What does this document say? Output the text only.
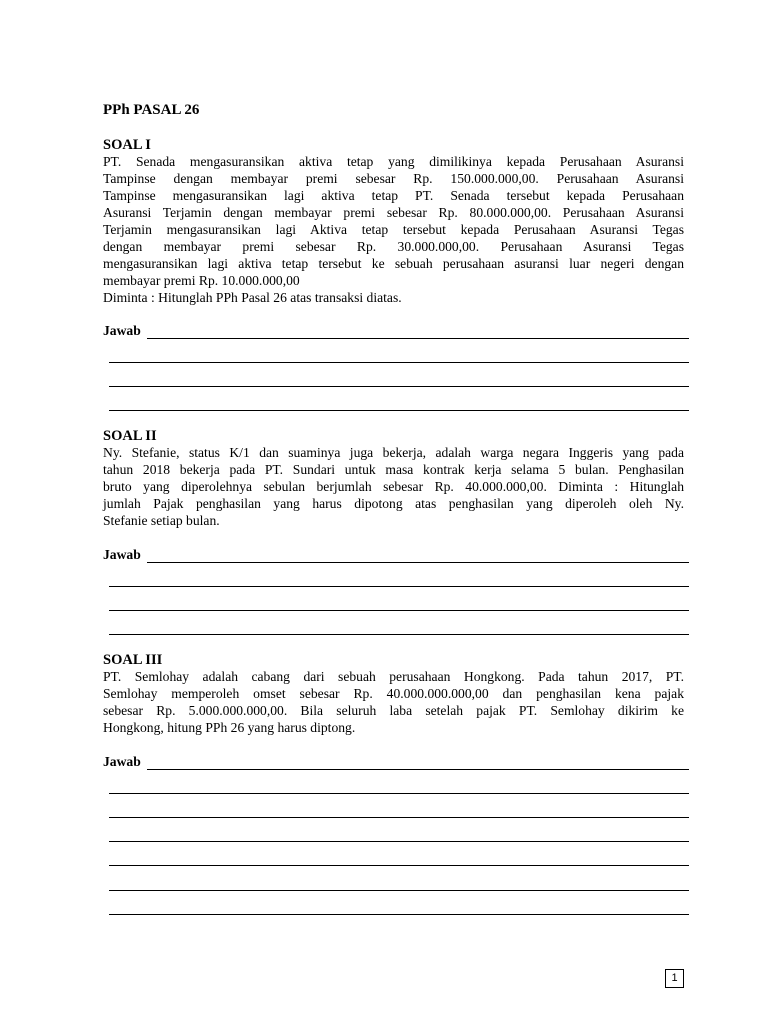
PPh PASAL 26
SOAL I
PT. Senada mengasuransikan aktiva tetap yang dimilikinya kepada Perusahaan Asuransi
Tampinse dengan membayar premi sebesar Rp. 150.000.000,00. Perusahaan Asuransi
Tampinse mengasuransikan lagi aktiva tetap PT. Senada tersebut kepada Perusahaan
Asuransi Terjamin dengan membayar premi sebesar Rp. 80.000.000,00. Perusahaan Asuransi
Terjamin mengasuransikan lagi Aktiva tetap tersebut kepada Perusahaan Asuransi Tegas
dengan membayar premi sebesar Rp. 30.000.000,00. Perusahaan Asuransi Tegas
mengasuransikan lagi aktiva tetap tersebut ke sebuah perusahaan asuransi luar negeri dengan
membayar premi Rp. 10.000.000,00
Diminta : Hitunglah PPh Pasal 26 atas transaksi diatas.
Jawab
SOAL II
Ny. Stefanie, status K/1 dan suaminya juga bekerja, adalah warga negara Inggeris yang pada
tahun 2018 bekerja pada PT. Sundari untuk masa kontrak kerja selama 5 bulan. Penghasilan
bruto yang diperolehnya sebulan berjumlah sebesar Rp. 40.000.000,00. Diminta : Hitunglah
jumlah Pajak penghasilan yang harus dipotong atas penghasilan yang diperoleh oleh Ny.
Stefanie setiap bulan.
Jawab
SOAL III
PT. Semlohay adalah cabang dari sebuah perusahaan Hongkong. Pada tahun 2017, PT.
Semlohay memperoleh omset sebesar Rp. 40.000.000.000,00 dan penghasilan kena pajak
sebesar Rp. 5.000.000.000,00. Bila seluruh laba setelah pajak PT. Semlohay dikirim ke
Hongkong, hitung PPh 26 yang harus diptong.
Jawab
1
